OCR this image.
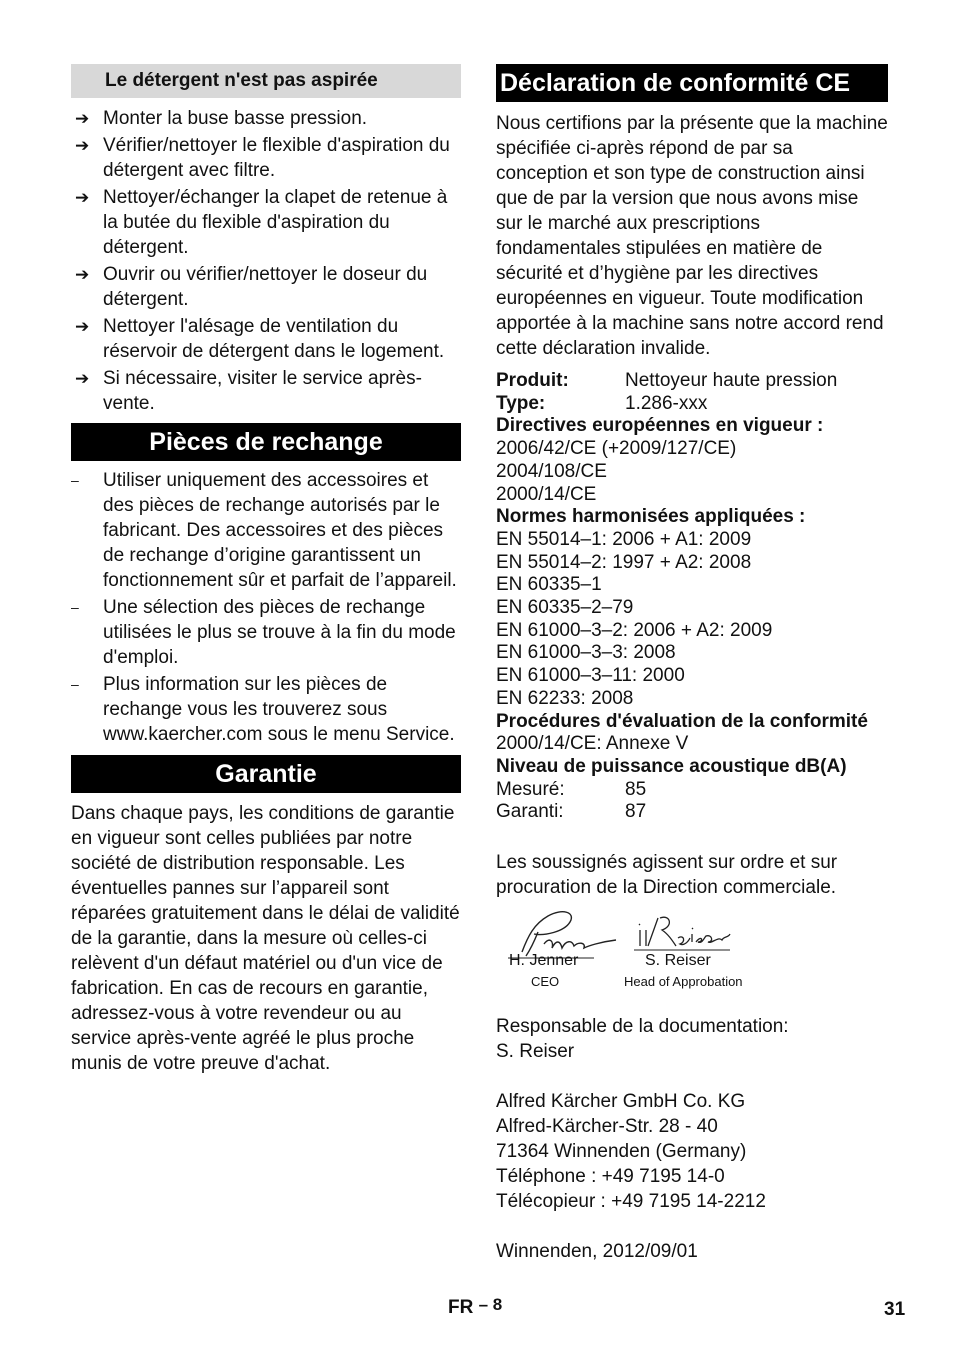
Le détergent n'est pas aspirée
➔ Monter la buse basse pression.
➔ Vérifier/nettoyer le flexible d'aspiration du détergent avec filtre.
➔ Nettoyer/échanger la clapet de retenue à la butée du flexible d'aspiration du détergent.
➔ Ouvrir ou vérifier/nettoyer le doseur du détergent.
➔ Nettoyer l'alésage de ventilation du réservoir de détergent dans le logement.
➔ Si nécessaire, visiter le service après-vente.
Pièces de rechange
– Utiliser uniquement des accessoires et des pièces de rechange autorisés par le fabricant. Des accessoires et des pièces de rechange d’origine garantissent un fonctionnement sûr et parfait de l’appareil.
– Une sélection des pièces de rechange utilisées le plus se trouve à la fin du mode d'emploi.
– Plus information sur les pièces de rechange vous les trouverez sous www.kaercher.com sous le menu Service.
Garantie

Dans chaque pays, les conditions de garantie en vigueur sont celles publiées par notre société de distribution responsable. Les éventuelles pannes sur l’appareil sont réparées gratuitement dans le délai de validité de la garantie, dans la mesure où celles-ci relèvent d'un défaut matériel ou d'un vice de fabrication. En cas de recours en garantie, adressez-vous à votre revendeur ou au service après-vente agréé le plus proche munis de votre preuve d'achat.

Déclaration de conformité CE

Nous certifions par la présente que la machine spécifiée ci-après répond de par sa conception et son type de construction ainsi que de par la version que nous avons mise sur le marché aux prescriptions fondamentales stipulées en matière de sécurité et d’hygiène par les directives européennes en vigueur. Toute modification apportée à la machine sans notre accord rend cette déclaration invalide.

Produit:	Nettoyeur haute pression
Type:	1.286-xxx
Directives européennes en vigueur :
2006/42/CE (+2009/127/CE)
2004/108/CE
2000/14/CE
Normes harmonisées appliquées :
EN 55014–1: 2006 + A1: 2009
EN 55014–2: 1997 + A2: 2008
EN 60335–1
EN 60335–2–79
EN 61000–3–2: 2006 + A2: 2009
EN 61000–3–3: 2008
EN 61000–3–11: 2000
EN 62233: 2008
Procédures d'évaluation de la conformité
2000/14/CE: Annexe V
Niveau de puissance acoustique dB(A)
Mesuré:	85
Garanti:	87

Les soussignés agissent sur ordre et sur procuration de la Direction commerciale.

H. Jenner
CEO
S. Reiser
Head of Approbation

Responsable de la documentation:

S. Reiser

Alfred Kärcher GmbH Co. KG

Alfred-Kärcher-Str. 28 - 40

71364 Winnenden (Germany)

Téléphone : +49 7195 14-0

Télécopieur : +49 7195 14-2212

Winnenden, 2012/09/01

FR – 8	31
